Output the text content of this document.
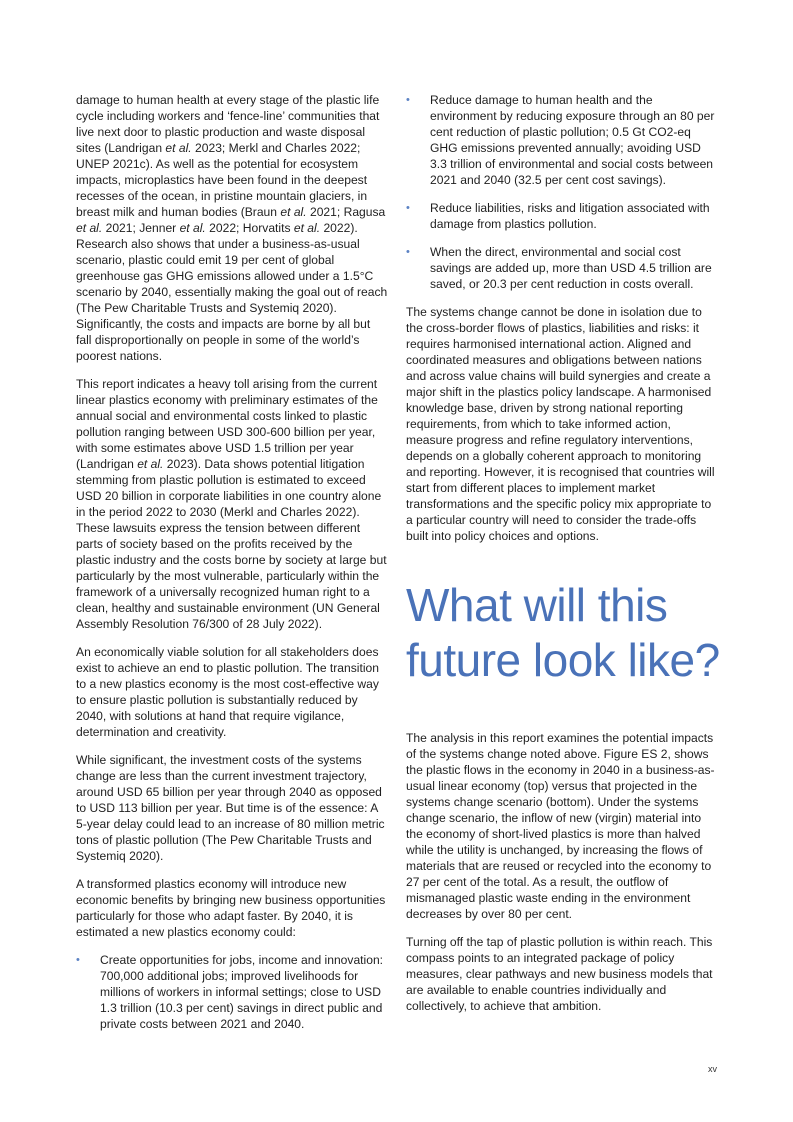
damage to human health at every stage of the plastic life cycle including workers and ‘fence-line’ communities that live next door to plastic production and waste disposal sites (Landrigan et al. 2023; Merkl and Charles 2022; UNEP 2021c). As well as the potential for ecosystem impacts, microplastics have been found in the deepest recesses of the ocean, in pristine mountain glaciers, in breast milk and human bodies (Braun et al. 2021; Ragusa et al. 2021; Jenner et al. 2022; Horvatits et al. 2022). Research also shows that under a business-as-usual scenario, plastic could emit 19 per cent of global greenhouse gas GHG emissions allowed under a 1.5°C scenario by 2040, essentially making the goal out of reach (The Pew Charitable Trusts and Systemiq 2020). Significantly, the costs and impacts are borne by all but fall disproportionally on people in some of the world’s poorest nations.

This report indicates a heavy toll arising from the current linear plastics economy with preliminary estimates of the annual social and environmental costs linked to plastic pollution ranging between USD 300-600 billion per year, with some estimates above USD 1.5 trillion per year (Landrigan et al. 2023). Data shows potential litigation stemming from plastic pollution is estimated to exceed USD 20 billion in corporate liabilities in one country alone in the period 2022 to 2030 (Merkl and Charles 2022). These lawsuits express the tension between different parts of society based on the profits received by the plastic industry and the costs borne by society at large but particularly by the most vulnerable, particularly within the framework of a universally recognized human right to a clean, healthy and sustainable environment (UN General Assembly Resolution 76/300 of 28 July 2022).

An economically viable solution for all stakeholders does exist to achieve an end to plastic pollution. The transition to a new plastics economy is the most cost-effective way to ensure plastic pollution is substantially reduced by 2040, with solutions at hand that require vigilance, determination and creativity.

While significant, the investment costs of the systems change are less than the current investment trajectory, around USD 65 billion per year through 2040 as opposed to USD 113 billion per year. But time is of the essence: A 5-year delay could lead to an increase of 80 million metric tons of plastic pollution (The Pew Charitable Trusts and Systemiq 2020).

A transformed plastics economy will introduce new economic benefits by bringing new business opportunities particularly for those who adapt faster. By 2040, it is estimated a new plastics economy could:

• Create opportunities for jobs, income and innovation: 700,000 additional jobs; improved livelihoods for millions of workers in informal settings; close to USD 1.3 trillion (10.3 per cent) savings in direct public and private costs between 2021 and 2040.
• Reduce damage to human health and the environment by reducing exposure through an 80 per cent reduction of plastic pollution; 0.5 Gt CO2-eq GHG emissions prevented annually; avoiding USD 3.3 trillion of environmental and social costs between 2021 and 2040 (32.5 per cent cost savings).
• Reduce liabilities, risks and litigation associated with damage from plastics pollution.
• When the direct, environmental and social cost savings are added up, more than USD 4.5 trillion are saved, or 20.3 per cent reduction in costs overall.

The systems change cannot be done in isolation due to the cross-border flows of plastics, liabilities and risks: it requires harmonised international action. Aligned and coordinated measures and obligations between nations and across value chains will build synergies and create a major shift in the plastics policy landscape. A harmonised knowledge base, driven by strong national reporting requirements, from which to take informed action, measure progress and refine regulatory interventions, depends on a globally coherent approach to monitoring and reporting. However, it is recognised that countries will start from different places to implement market transformations and the specific policy mix appropriate to a particular country will need to consider the trade-offs built into policy choices and options.

What will this future look like?

The analysis in this report examines the potential impacts of the systems change noted above. Figure ES 2, shows the plastic flows in the economy in 2040 in a business-as-usual linear economy (top) versus that projected in the systems change scenario (bottom). Under the systems change scenario, the inflow of new (virgin) material into the economy of short-lived plastics is more than halved while the utility is unchanged, by increasing the flows of materials that are reused or recycled into the economy to 27 per cent of the total. As a result, the outflow of mismanaged plastic waste ending in the environment decreases by over 80 per cent.

Turning off the tap of plastic pollution is within reach. This compass points to an integrated package of policy measures, clear pathways and new business models that are available to enable countries individually and collectively, to achieve that ambition.

xv
